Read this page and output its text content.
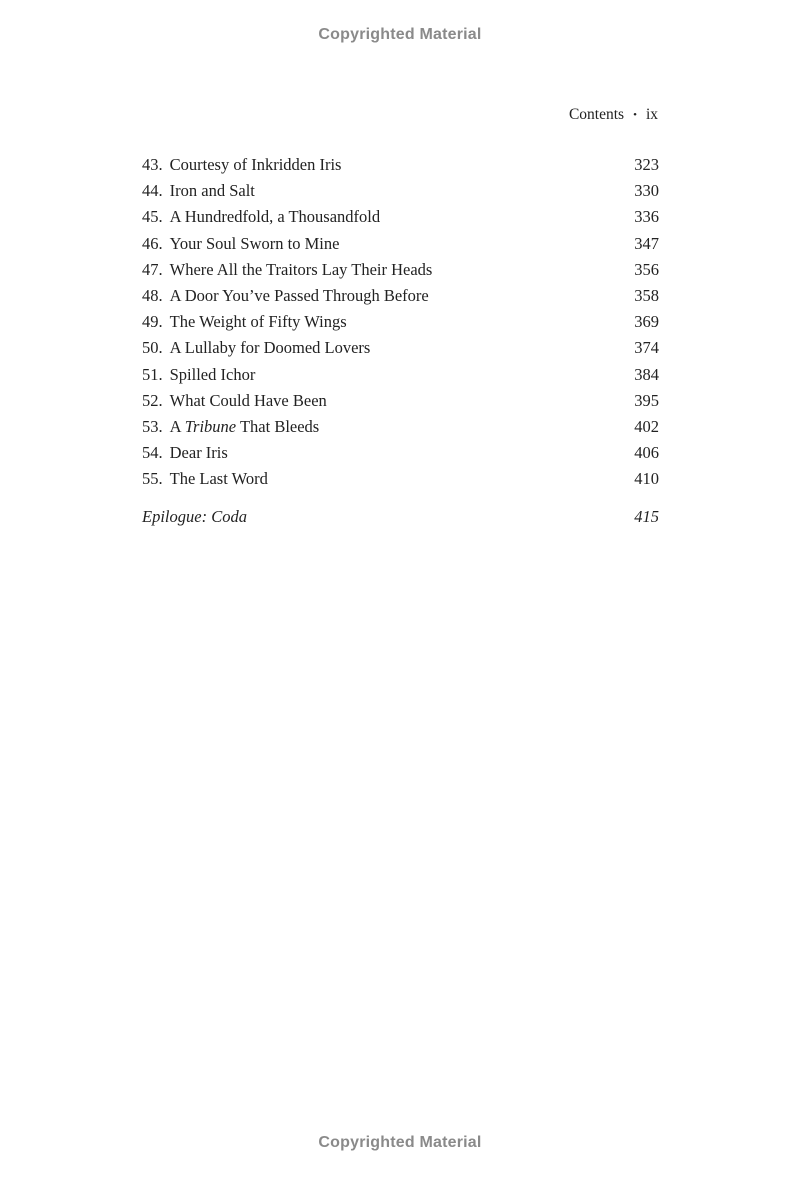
Copyrighted Material
Contents • ix
43. Courtesy of Inkridden Iris	323
44. Iron and Salt	330
45. A Hundredfold, a Thousandfold	336
46. Your Soul Sworn to Mine	347
47. Where All the Traitors Lay Their Heads	356
48. A Door You’ve Passed Through Before	358
49. The Weight of Fifty Wings	369
50. A Lullaby for Doomed Lovers	374
51. Spilled Ichor	384
52. What Could Have Been	395
53. A Tribune That Bleeds	402
54. Dear Iris	406
55. The Last Word	410
Epilogue: Coda	415
Copyrighted Material
